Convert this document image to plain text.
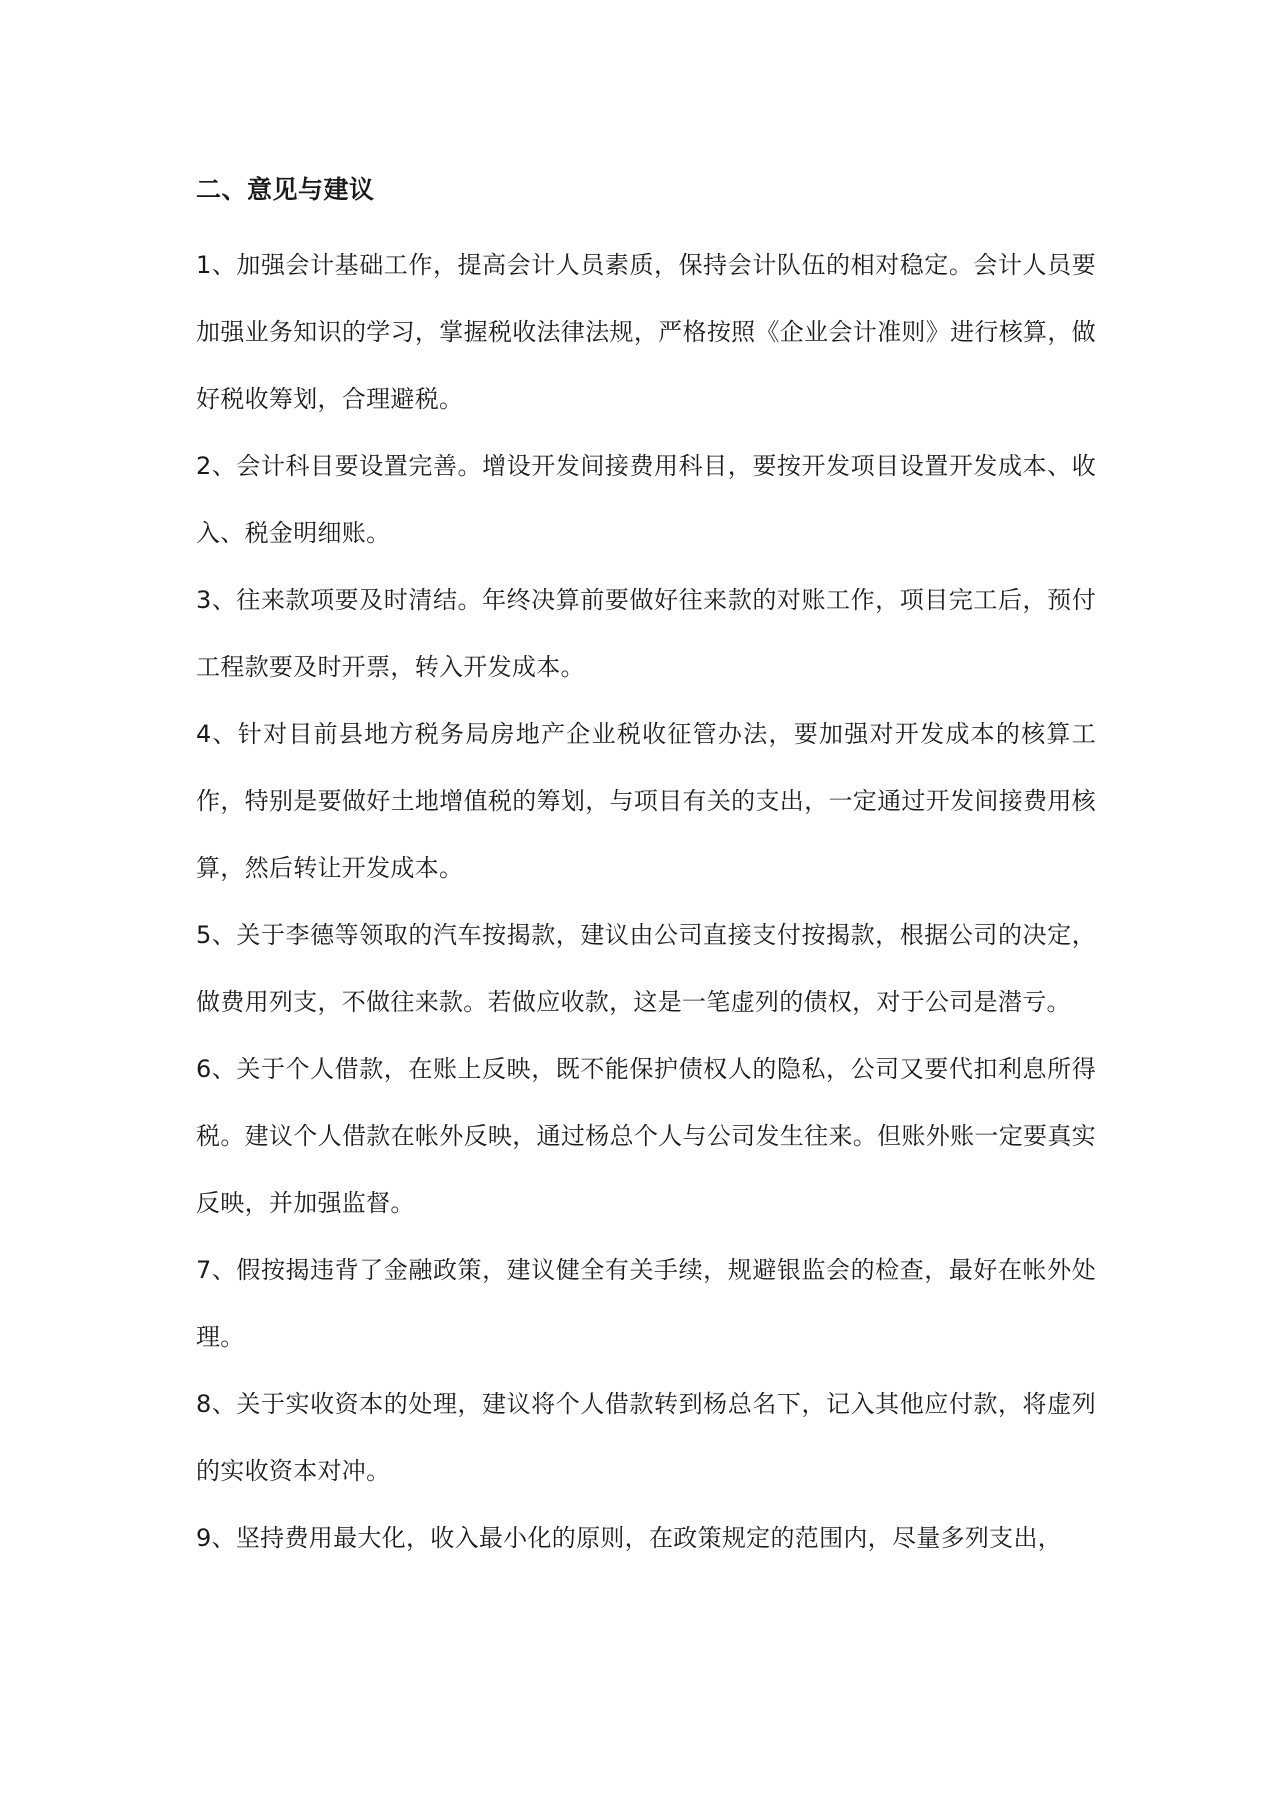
二、意见与建议

1、加强会计基础工作，提高会计人员素质，保持会计队伍的相对稳定。会计人员要加强业务知识的学习，掌握税收法律法规，严格按照《企业会计准则》进行核算，做好税收筹划，合理避税。

2、会计科目要设置完善。增设开发间接费用科目，要按开发项目设置开发成本、收入、税金明细账。

3、往来款项要及时清结。年终决算前要做好往来款的对账工作，项目完工后，预付工程款要及时开票，转入开发成本。

4、针对目前县地方税务局房地产企业税收征管办法，要加强对开发成本的核算工作，特别是要做好土地增值税的筹划，与项目有关的支出，一定通过开发间接费用核算，然后转让开发成本。

5、关于李德等领取的汽车按揭款，建议由公司直接支付按揭款，根据公司的决定，做费用列支，不做往来款。若做应收款，这是一笔虚列的债权，对于公司是潜亏。

6、关于个人借款，在账上反映，既不能保护债权人的隐私，公司又要代扣利息所得税。建议个人借款在帐外反映，通过杨总个人与公司发生往来。但账外账一定要真实反映，并加强监督。

7、假按揭违背了金融政策，建议健全有关手续，规避银监会的检查，最好在帐外处理。

8、关于实收资本的处理，建议将个人借款转到杨总名下，记入其他应付款，将虚列的实收资本对冲。

9、坚持费用最大化，收入最小化的原则，在政策规定的范围内，尽量多列支出，
